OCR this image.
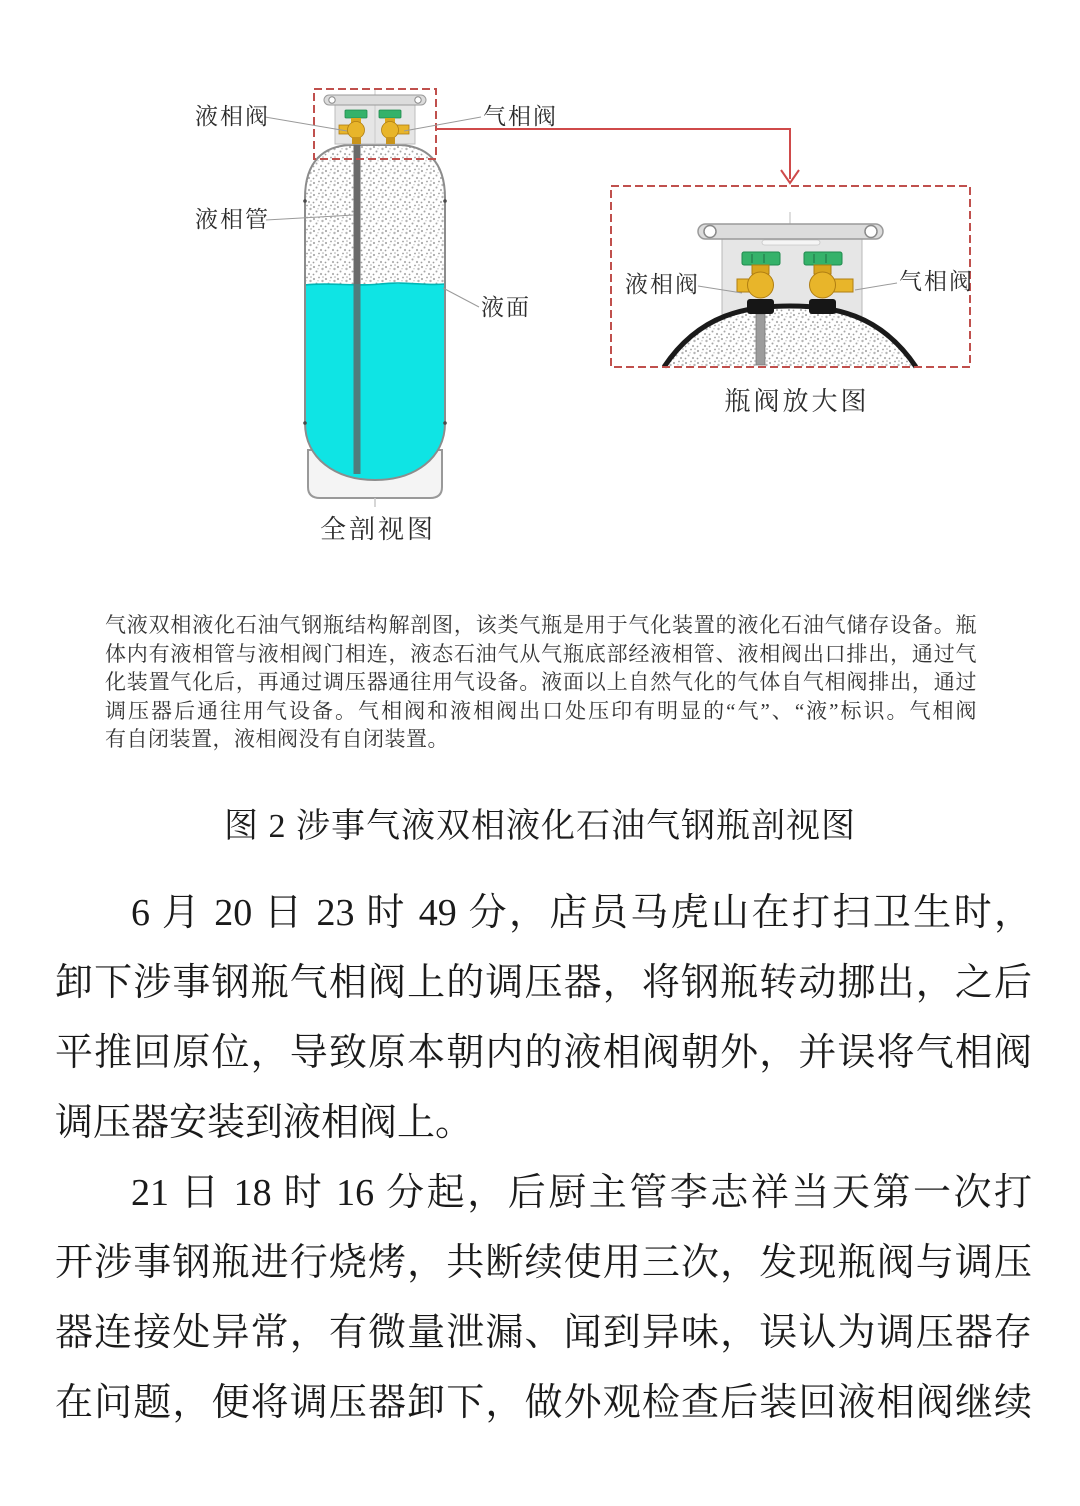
液相阀	气相阀
液相管
液面
全剖视图
液相阀	气相阀
瓶阀放大图
气液双相液化石油气钢瓶结构解剖图，该类气瓶是用于气化装置的液化石油气储存设备。瓶
体内有液相管与液相阀门相连，液态石油气从气瓶底部经液相管、液相阀出口排出，通过气
化装置气化后，再通过调压器通往用气设备。液面以上自然气化的气体自气相阀排出，通过
调压器后通往用气设备。气相阀和液相阀出口处压印有明显的“气”、“液”标识。气相阀
有自闭装置，液相阀没有自闭装置。
图 2 涉事气液双相液化石油气钢瓶剖视图
6 月 20 日 23 时 49 分，店员马虎山在打扫卫生时，
卸下涉事钢瓶气相阀上的调压器，将钢瓶转动挪出，之后
平推回原位，导致原本朝内的液相阀朝外，并误将气相阀
调压器安装到液相阀上。
21 日 18 时 16 分起，后厨主管李志祥当天第一次打
开涉事钢瓶进行烧烤，共断续使用三次，发现瓶阀与调压
器连接处异常，有微量泄漏、闻到异味，误认为调压器存
在问题，便将调压器卸下，做外观检查后装回液相阀继续
